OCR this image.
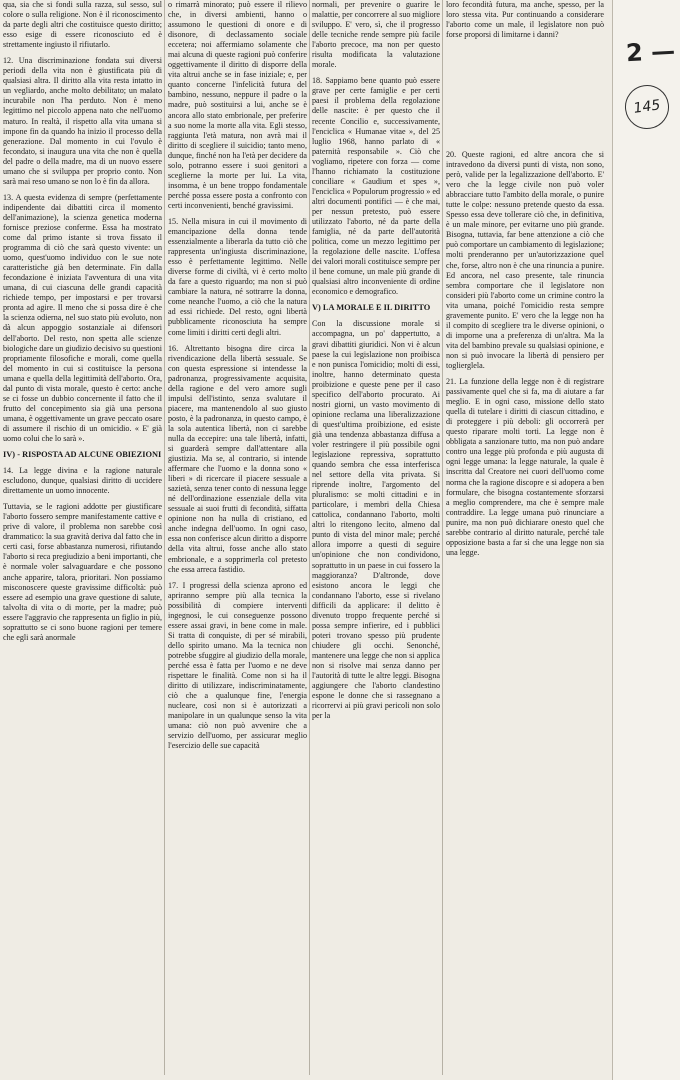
qua, sia che si fondi sulla razza, sul sesso, sul colore o sulla religione. Non è il riconoscimento da parte degli altri che costituisce questo diritto; esso esige di essere riconosciuto ed è strettamente ingiusto il rifiutarlo.

12. Una discriminazione fondata sui diversi periodi della vita non è giustificata più di qualsiasi altra. Il diritto alla vita resta intatto in un vegliardo, anche molto debilitato; un malato incurabile non l'ha perduto. Non è meno legittimo nel piccolo appena nato che nell'uomo maturo. In realtà, il rispetto alla vita umana si impone fin da quando ha inizio il processo della generazione. Dal momento in cui l'ovulo è fecondato, si inaugura una vita che non è quella del padre o della madre, ma di un nuovo essere umano che si sviluppa per proprio conto. Non sarà mai reso umano se non lo è fin da allora.

13. A questa evidenza di sempre (perfettamente indipendente dai dibattiti circa il momento dell'animazione), la scienza genetica moderna fornisce preziose conferme. Essa ha mostrato come dal primo istante si trova fissato il programma di ciò che sarà questo vivente: un uomo, quest'uomo individuo con le sue note caratteristiche già ben determinate. Fin dalla fecondazione è iniziata l'avventura di una vita umana, di cui ciascuna delle grandi capacità richiede tempo, per impostarsi e per trovarsi pronta ad agire. Il meno che si possa dire è che la scienza odierna, nel suo stato più evoluto, non dà alcun appoggio sostanziale ai difensori dell'aborto. Del resto, non spetta alle scienze biologiche dare un giudizio decisivo su questioni propriamente filosofiche e morali, come quella del momento in cui si costituisce la persona umana e quella della legittimità dell'aborto. Ora, dal punto di vista morale, questo è certo: anche se ci fosse un dubbio concernente il fatto che il frutto del concepimento sia già una persona umana, è oggettivamente un grave peccato osare di assumere il rischio di un omicidio. « E' già uomo colui che lo sarà ».

IV) - RISPOSTA AD ALCUNE OBIEZIONI

14. La legge divina e la ragione naturale escludono, dunque, qualsiasi diritto di uccidere direttamente un uomo innocente.

Tuttavia, se le ragioni addotte per giustificare l'aborto fossero sempre manifestamente cattive e prive di valore, il problema non sarebbe così drammatico: la sua gravità deriva dal fatto che in certi casi, forse abbastanza numerosi, rifiutando l'aborto si reca pregiudizio a beni importanti, che è normale voler salvaguardare e che possono anche apparire, talora, prioritari. Non possiamo misconoscere queste gravissime difficoltà: può essere ad esempio una grave questione di salute, talvolta di vita o di morte, per la madre; può essere l'aggravio che rappresenta un figlio in più, soprattutto se ci sono buone ragioni per temere che egli sarà anormale

o rimarrà minorato; può essere il rilievo che, in diversi ambienti, hanno o assumono le questioni di onore e di disonore, di declassamento sociale eccetera; noi affermiamo solamente che mai alcuna di queste ragioni può conferire oggettivamente il diritto di disporre della vita altrui anche se in fase iniziale; e, per quanto concerne l'infelicità futura del bambino, nessuno, neppure il padre o la madre, può sostituirsi a lui, anche se è ancora allo stato embrionale, per preferire a suo nome la morte alla vita. Egli stesso, raggiunta l'età matura, non avrà mai il diritto di scegliere il suicidio; tanto meno, dunque, finché non ha l'età per decidere da solo, potranno essere i suoi genitori a sceglierne la morte per lui. La vita, insomma, è un bene troppo fondamentale perché possa essere posta a confronto con certi inconvenienti, benché gravissimi.

15. Nella misura in cui il movimento di emancipazione della donna tende essenzialmente a liberarla da tutto ciò che rappresenta un'ingiusta discriminazione, esso è perfettamente legittimo. Nelle diverse forme di civiltà, vi è certo molto da fare a questo riguardo; ma non si può cambiare la natura, né sottrarre la donna, come neanche l'uomo, a ciò che la natura ad essi richiede. Del resto, ogni libertà pubblicamente riconosciuta ha sempre come limiti i diritti certi degli altri.

16. Altrettanto bisogna dire circa la rivendicazione della libertà sessuale. Se con questa espressione si intendesse la padronanza, progressivamente acquisita, della ragione e del vero amore sugli impulsi dell'istinto, senza svalutare il piacere, ma mantenendolo al suo giusto posto, è la padronanza, in questo campo, è la sola autentica libertà, non ci sarebbe nulla da eccepire: una tale libertà, infatti, si guarderà sempre dall'attentare alla giustizia. Ma se, al contrario, si intende affermare che l'uomo e la donna sono « liberi » di ricercare il piacere sessuale a sazietà, senza tener conto di nessuna legge né dell'ordinazione essenziale della vita sessuale ai suoi frutti di fecondità, siffatta opinione non ha nulla di cristiano, ed anche indegna dell'uomo. In ogni caso, essa non conferisce alcun diritto a disporre della vita altrui, fosse anche allo stato embrionale, e a sopprimerla col pretesto che essa arreca fastidio.

17. I progressi della scienza aprono ed apriranno sempre più alla tecnica la possibilità di compiere interventi ingegnosi, le cui conseguenze possono essere assai gravi, in bene come in male. Si tratta di conquiste, di per sé mirabili, dello spirito umano. Ma la tecnica non potrebbe sfuggire al giudizio della morale, perché essa è fatta per l'uomo e ne deve rispettare le finalità. Come non si ha il diritto di utilizzare, indiscriminatamente, ciò che a qualunque fine, l'energia nucleare, così non si è autorizzati a manipolare in un qualunque senso la vita umana: ciò non può avvenire che a servizio dell'uomo, per assicurar meglio l'esercizio delle sue capacità

normali, per prevenire o guarire le malattie, per concorrere al suo migliore sviluppo. E' vero, sì, che il progresso delle tecniche rende sempre più facile l'aborto precoce, ma non per questo risulta modificata la valutazione morale.

18. Sappiamo bene quanto può essere grave per certe famiglie e per certi paesi il problema della regolazione delle nascite: è per questo che il recente Concilio e, successivamente, l'enciclica « Humanae vitae », del 25 luglio 1968, hanno parlato di « paternità responsabile ». Ciò che vogliamo, ripetere con forza — come l'hanno richiamato la costituzione conciliare « Gaudium et spes », l'enciclica « Populorum progressio » ed altri documenti pontifici — è che mai, per nessun pretesto, può essere utilizzato l'aborto, né da parte della famiglia, né da parte dell'autorità politica, come un mezzo legittimo per la regolazione delle nascite. L'offesa dei valori morali costituisce sempre per il bene comune, un male più grande di qualsiasi altro inconveniente di ordine economico e demografico.

V) LA MORALE E IL DIRITTO

Con la discussione morale si accompagna, un po' dappertutto, a gravi dibattiti giuridici. Non vi è alcun paese la cui legislazione non proibisca e non punisca l'omicidio; molti di essi, inoltre, hanno determinato questa proibizione e queste pene per il caso specifico dell'aborto procurato. Ai nostri giorni, un vasto movimento di opinione reclama una liberalizzazione di quest'ultima proibizione, ed esiste già una tendenza abbastanza diffusa a voler restringere il più possibile ogni legislazione repressiva, soprattutto quando sembra che essa interferisca nel settore della vita privata. Si riprende inoltre, l'argomento del pluralismo: se molti cittadini e in particolare, i membri della Chiesa cattolica, condannano l'aborto, molti altri lo ritengono lecito, almeno dal punto di vista del minor male; perché allora imporre a questi di seguire un'opinione che non condividono, soprattutto in un paese in cui fossero la maggioranza? D'altronde, dove esistono ancora le leggi che condannano l'aborto, esse si rivelano difficili da applicare: il delitto è divenuto troppo frequente perché si possa sempre infierire, ed i pubblici poteri trovano spesso più prudente chiudere gli occhi. Senonché, mantenere una legge che non si applica non si risolve mai senza danno per l'autorità di tutte le altre leggi. Bisogna aggiungere che l'aborto clandestino espone le donne che si rassegnano a ricorrervi ai più gravi pericoli non solo per la

loro fecondità futura, ma anche, spesso, per la loro stessa vita. Pur continuando a considerare l'aborto come un male, il legislatore non può forse proporsi di limitarne i danni?

20. Queste ragioni, ed altre ancora che si intravedono da diversi punti di vista, non sono, però, valide per la legalizzazione dell'aborto. E' vero che la legge civile non può voler abbracciare tutto l'ambito della morale, o punire tutte le colpe: nessuno pretende questo da essa. Spesso essa deve tollerare ciò che, in definitiva, è un male minore, per evitarne uno più grande. Bisogna, tuttavia, far bene attenzione a ciò che può comportare un cambiamento di legislazione; molti prenderanno per un'autorizzazione quel che, forse, altro non è che una rinuncia a punire. Ed ancora, nel caso presente, tale rinuncia sembra comportare che il legislatore non consideri più l'aborto come un crimine contro la vita umana, poiché l'omicidio resta sempre gravemente punito. E' vero che la legge non ha il compito di scegliere tra le diverse opinioni, o di imporne una a preferenza di un'altra. Ma la vita del bambino prevale su qualsiasi opinione, e non si può invocare la libertà di pensiero per toglierglela.

21. La funzione della legge non è di registrare passivamente quel che si fa, ma di aiutare a far meglio. E in ogni caso, missione dello stato quella di tutelare i diritti di ciascun cittadino, e di proteggere i più deboli: gli occorrerà per questo riparare molti torti. La legge non è obbligata a sanzionare tutto, ma non può andare contro una legge più profonda e più augusta di ogni legge umana: la legge naturale, la quale è inscritta dal Creatore nei cuori dell'uomo come norma che la ragione discopre e si adopera a ben formulare, che bisogna costantemente sforzarsi a meglio comprendere, ma che è sempre male contraddire. La legge umana può rinunciare a punire, ma non può dichiarare onesto quel che sarebbe contrario al diritto naturale, perché tale opposizione basta a far sì che una legge non sia una legge.

2 —
145
